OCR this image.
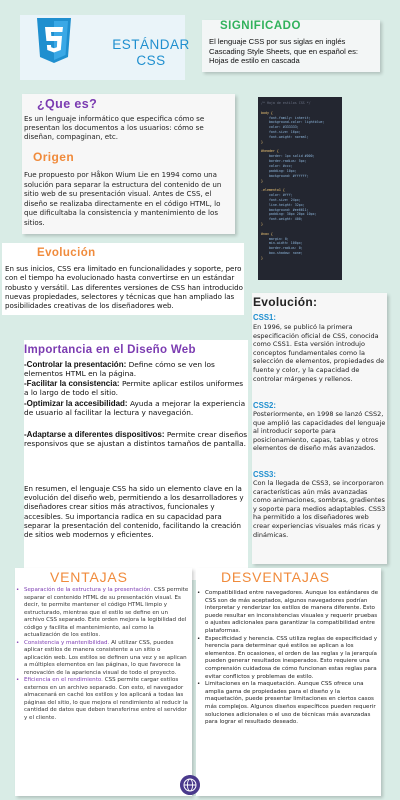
ESTÁNDAR
CSS
SIGNIFICADO
El lenguaje CSS por sus siglas en inglés Cascading Style Sheets, que en español es: Hojas de estilo en cascada
¿Que es?
Es un lenguaje informático que especifica cómo se presentan los documentos a los usuarios: cómo se diseñan, compaginan, etc.
Origen
Fue propuesto por Håkon Wium Lie en 1994 como una solución para separar la estructura del contenido de un sitio web de su presentación visual. Antes de CSS, el diseño se realizaba directamente en el código HTML, lo que dificultaba la consistencia y mantenimiento de los sitios.
/* Hoja de estilos CSS */

body {
font-family: inherit;
background-color: lightblue;
color: #333333;
font-size: 16px;
font-weight: normal;
}

#header {
border: 1px solid #000;
border-radius: 5px;
color: #ccc;
padding: 10px;
background: #ffffff;
}

.elemento1 {
color: #fff;
font-size: 24px;
line-height: 32px;
background: #ee6611;
padding: 30px 20px 10px;
font-weight: 400;
}

#nav {
margin: 0;
min-width: 100px;
border-radius: 0;
box-shadow: none;
}
Evolución
En sus inicios, CSS era limitado en funcionalidades y soporte, pero con el tiempo ha evolucionado hasta convertirse en un estándar robusto y versátil. Las diferentes versiones de CSS han introducido nuevas propiedades, selectores y técnicas que han ampliado las posibilidades creativas de los diseñadores web.	Evolución:
CSS1:
En 1996, se publicó la primera especificación oficial de CSS, conocida como CSS1. Esta versión introdujo conceptos fundamentales como la selección de elementos, propiedades de fuente y color, y la capacidad de controlar márgenes y rellenos.
CSS2:
Posteriormente, en 1998 se lanzó CSS2, que amplió las capacidades del lenguaje al introducir soporte para posicionamiento, capas, tablas y otros elementos de diseño más avanzados.
CSS3:
Con la llegada de CSS3, se incorporaron características aún más avanzadas como animaciones, sombras, gradientes y soporte para medios adaptables. CSS3 ha permitido a los diseñadores web crear experiencias visuales más ricas y dinámicas.
Importancia en el Diseño Web
-Controlar la presentación: Define cómo se ven los elementos HTML en la página.
-Facilitar la consistencia: Permite aplicar estilos uniformes a lo largo de todo el sitio.
-Optimizar la accesibilidad: Ayuda a mejorar la experiencia de usuario al facilitar la lectura y navegación.
-Adaptarse a diferentes dispositivos: Permite crear diseños responsivos que se ajustan a distintos tamaños de pantalla.
En resumen, el lenguaje CSS ha sido un elemento clave en la evolución del diseño web, permitiendo a los desarrolladores y diseñadores crear sitios más atractivos, funcionales y accesibles. Su importancia radica en su capacidad para separar la presentación del contenido, facilitando la creación de sitios web modernos y eficientes.
VENTAJAS
• Separación de la estructura y la presentación. CSS permite separar el contenido HTML de su presentación visual. Es decir, te permite mantener el código HTML limpio y estructurado, mientras que el estilo se define en un archivo CSS separado. Este orden mejora la legibilidad del código y facilita el mantenimiento, así como la actualización de los estilos.
• Consistencia y mantenibilidad. Al utilizar CSS, puedes aplicar estilos de manera consistente a un sitio o aplicación web. Los estilos se definen una vez y se aplican a múltiples elementos en las páginas, lo que favorece la renovación de la apariencia visual de todo el proyecto.
• Eficiencia en el rendimiento. CSS permite cargar estilos externos en un archivo separado. Con esto, el navegador almacenará en caché los estilos y los aplicará a todas las páginas del sitio, lo que mejora el rendimiento al reducir la cantidad de datos que deben transferirse entre el servidor y el cliente.
DESVENTAJAS
• Compatibilidad entre navegadores. Aunque los estándares de CSS son de más aceptados, algunos navegadores podrían interpretar y renderizar los estilos de manera diferente. Esto puede resultar en inconsistencias visuales y requerir pruebas o ajustes adicionales para garantizar la compatibilidad entre plataformas.
• Especificidad y herencia. CSS utiliza reglas de especificidad y herencia para determinar qué estilos se aplican a los elementos. En ocasiones, el orden de las reglas y la jerarquía pueden generar resultados inesperados. Esto requiere una comprensión cuidadosa de cómo funcionan estas reglas para evitar conflictos y problemas de estilo.
• Limitaciones en la maquetación. Aunque CSS ofrece una amplia gama de propiedades para el diseño y la maquetación, puede presentar limitaciones en ciertos casos más complejos. Algunos diseños específicos pueden requerir soluciones adicionales o el uso de técnicas más avanzadas para lograr el resultado deseado.
